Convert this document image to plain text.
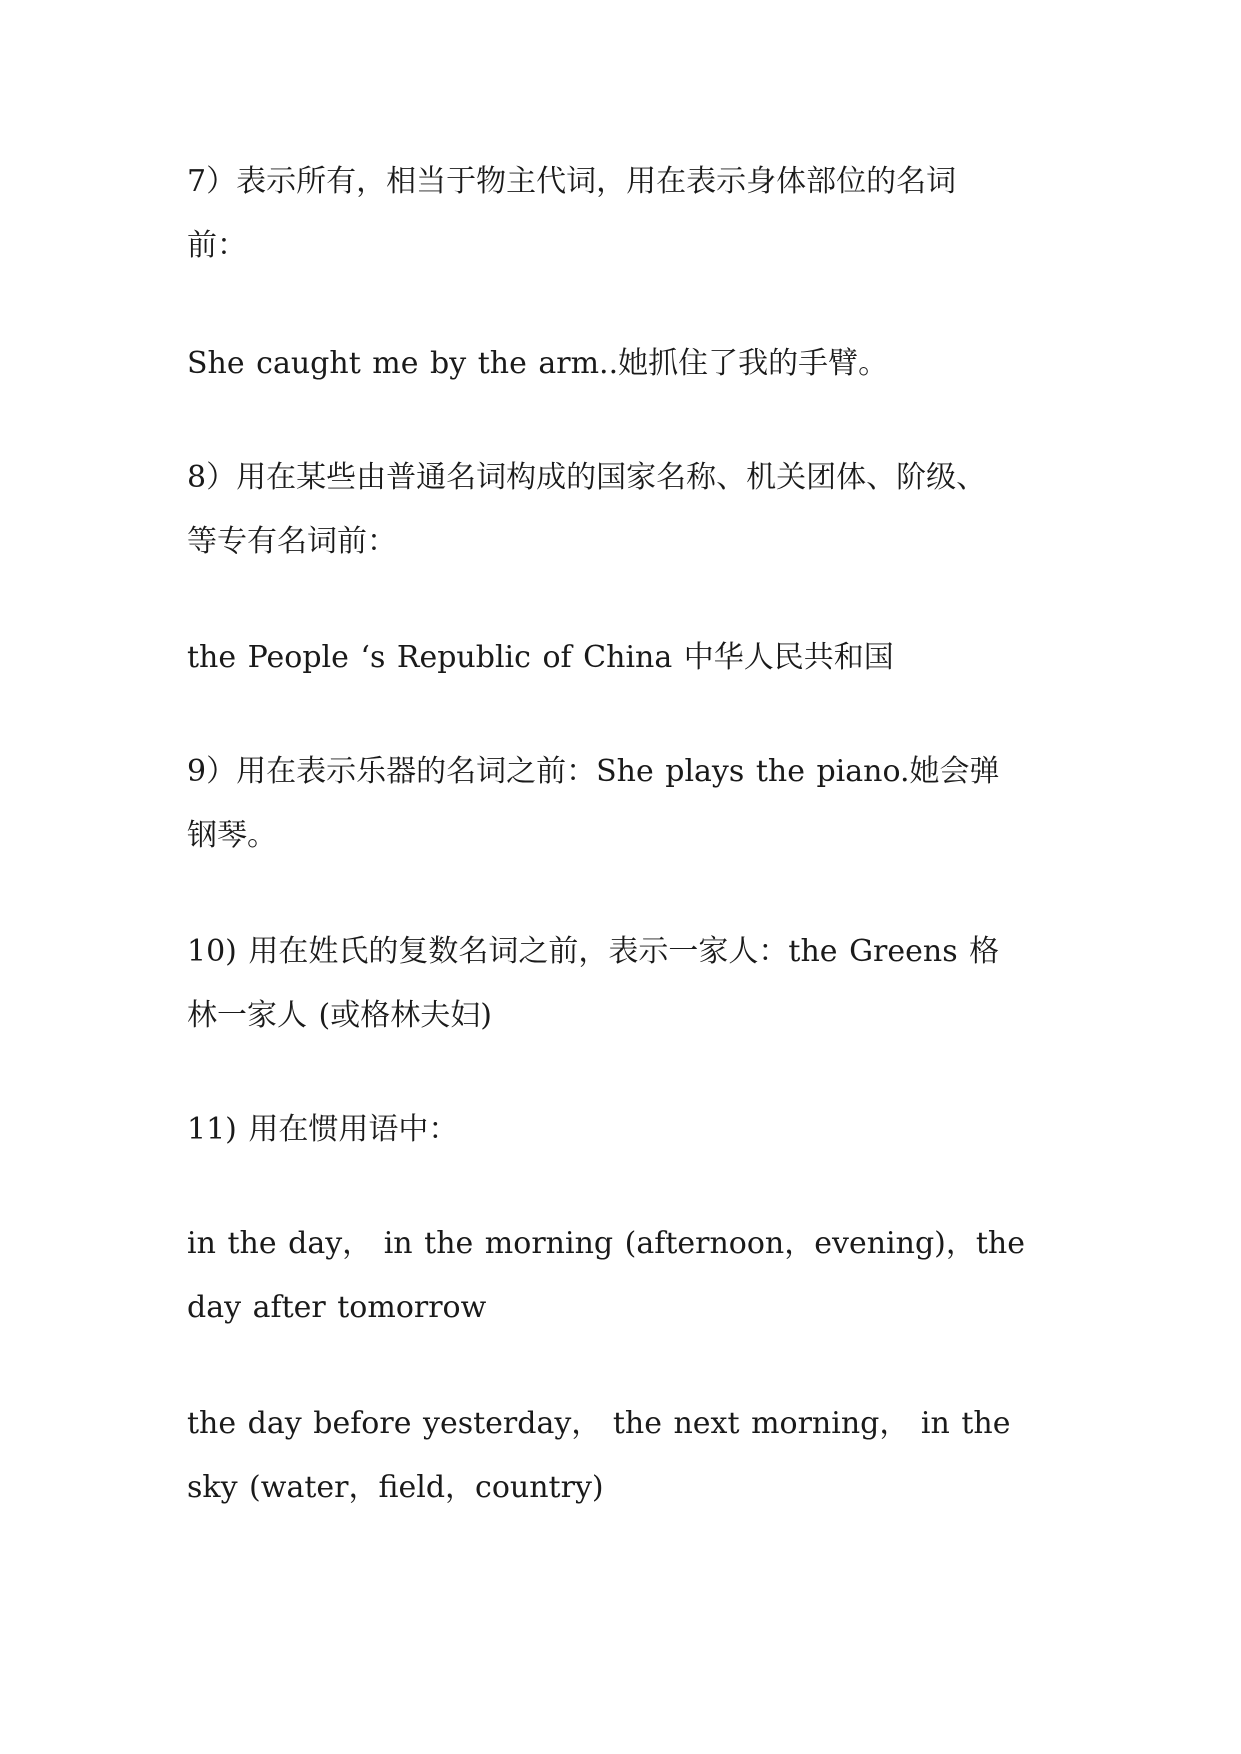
7）表示所有，相当于物主代词，用在表示身体部位的名词
前：

She caught me by the arm..她抓住了我的手臂。

8）用在某些由普通名词构成的国家名称、机关团体、阶级、
等专有名词前：

the People ‘s Republic of China 中华人民共和国

9）用在表示乐器的名词之前：She plays the piano.她会弹
钢琴。

10) 用在姓氏的复数名词之前，表示一家人：the Greens 格
林一家人 (或格林夫妇)

11) 用在惯用语中：

in the day， in the morning (afternoon，evening)，the
day after tomorrow

the day before yesterday， the next morning， in the
sky (water，field，country)
